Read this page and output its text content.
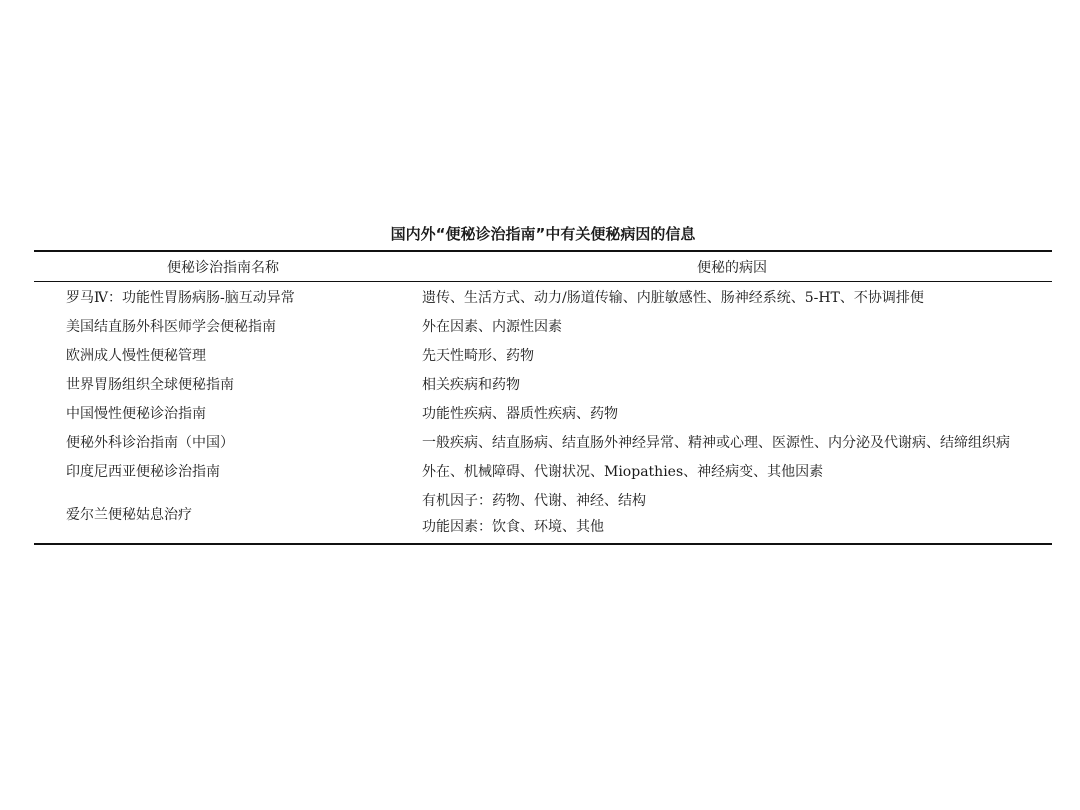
国内外“便秘诊治指南”中有关便秘病因的信息
便秘诊治指南名称	便秘的病因
罗马Ⅳ：功能性胃肠病肠-脑互动异常	遗传、生活方式、动力/肠道传输、内脏敏感性、肠神经系统、5-HT、不协调排便
美国结直肠外科医师学会便秘指南	外在因素、内源性因素
欧洲成人慢性便秘管理	先天性畸形、药物
世界胃肠组织全球便秘指南	相关疾病和药物
中国慢性便秘诊治指南	功能性疾病、器质性疾病、药物
便秘外科诊治指南（中国）	一般疾病、结直肠病、结直肠外神经异常、精神或心理、医源性、内分泌及代谢病、结缔组织病
印度尼西亚便秘诊治指南	外在、机械障碍、代谢状况、Miopathies、神经病变、其他因素
爱尔兰便秘姑息治疗	有机因子：药物、代谢、神经、结构
功能因素：饮食、环境、其他
